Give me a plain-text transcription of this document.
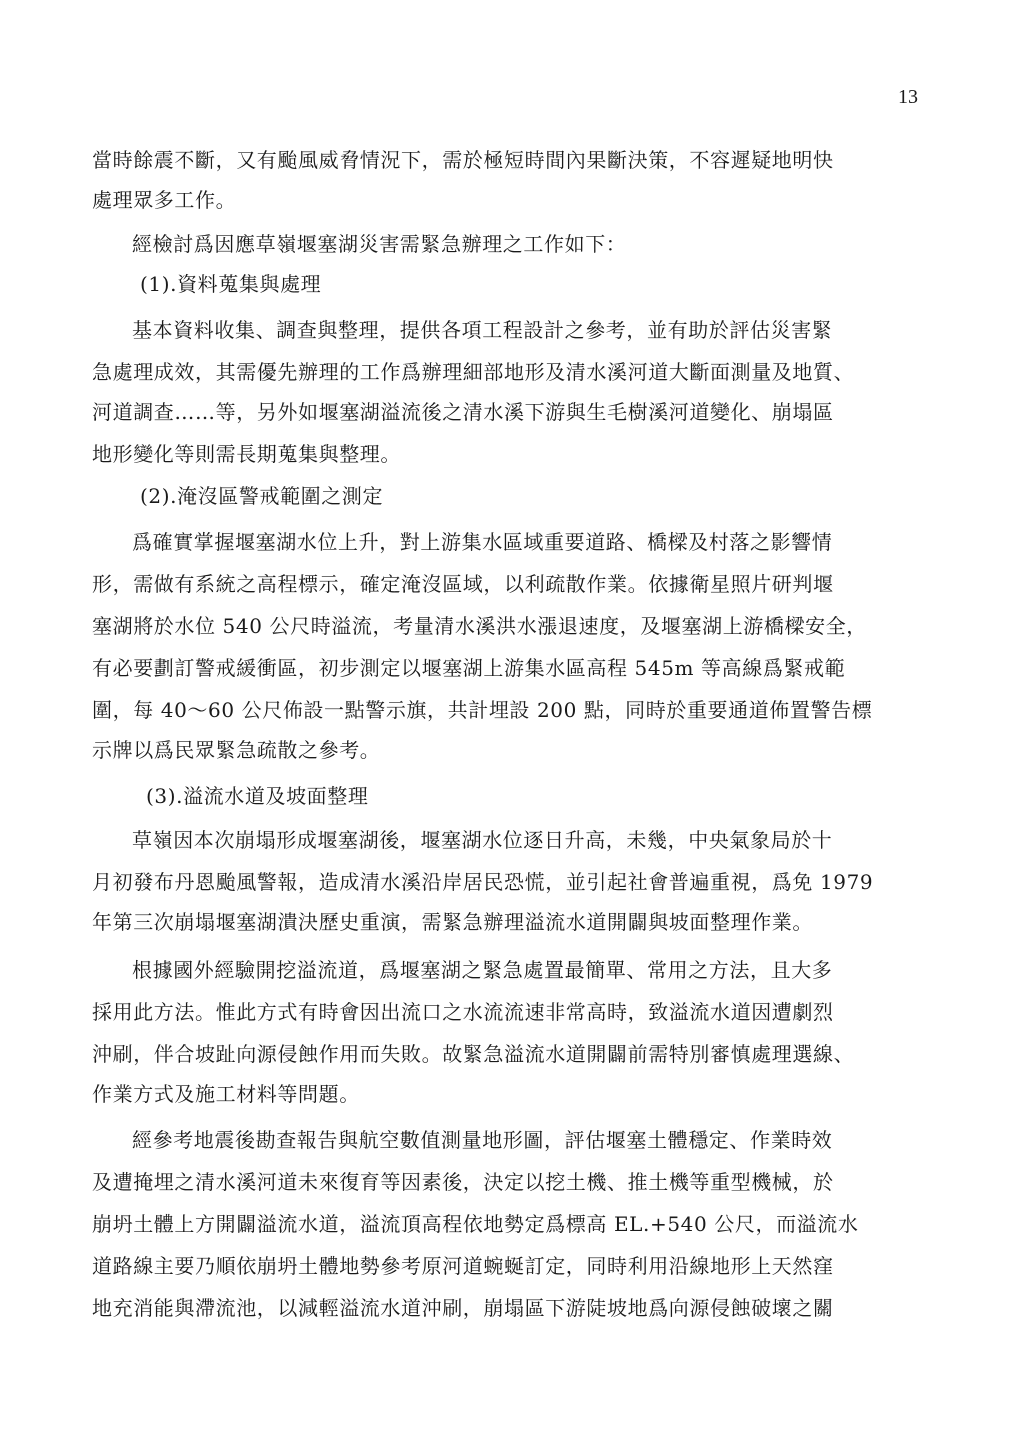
13
當時餘震不斷，又有颱風威脅情況下，需於極短時間內果斷決策，不容遲疑地明快
處理眾多工作。
經檢討爲因應草嶺堰塞湖災害需緊急辦理之工作如下：
(1).資料蒐集與處理
基本資料收集、調查與整理，提供各項工程設計之參考，並有助於評估災害緊
急處理成效，其需優先辦理的工作爲辦理細部地形及清水溪河道大斷面測量及地質、
河道調查……等，另外如堰塞湖溢流後之清水溪下游與生毛樹溪河道變化、崩塌區
地形變化等則需長期蒐集與整理。
(2).淹沒區警戒範圍之測定
爲確實掌握堰塞湖水位上升，對上游集水區域重要道路、橋樑及村落之影響情
形，需做有系統之高程標示，確定淹沒區域，以利疏散作業。依據衛星照片研判堰
塞湖將於水位 540 公尺時溢流，考量清水溪洪水漲退速度，及堰塞湖上游橋樑安全，
有必要劃訂警戒緩衝區，初步測定以堰塞湖上游集水區高程 545m 等高線爲緊戒範
圍，每 40～60 公尺佈設一點警示旗，共計埋設 200 點，同時於重要通道佈置警告標
示牌以爲民眾緊急疏散之參考。
(3).溢流水道及坡面整理
草嶺因本次崩塌形成堰塞湖後，堰塞湖水位逐日升高，未幾，中央氣象局於十
月初發布丹恩颱風警報，造成清水溪沿岸居民恐慌，並引起社會普遍重視，爲免 1979
年第三次崩塌堰塞湖潰決歷史重演，需緊急辦理溢流水道開闢與坡面整理作業。
根據國外經驗開挖溢流道，爲堰塞湖之緊急處置最簡單、常用之方法，且大多
採用此方法。惟此方式有時會因出流口之水流流速非常高時，致溢流水道因遭劇烈
沖刷，伴合坡趾向源侵蝕作用而失敗。故緊急溢流水道開闢前需特別審慎處理選線、
作業方式及施工材料等問題。
經參考地震後勘查報告與航空數值測量地形圖，評估堰塞土體穩定、作業時效
及遭掩埋之清水溪河道未來復育等因素後，決定以挖土機、推土機等重型機械，於
崩坍土體上方開闢溢流水道，溢流頂高程依地勢定爲標高 EL.+540 公尺，而溢流水
道路線主要乃順依崩坍土體地勢參考原河道蜿蜒訂定，同時利用沿線地形上天然窪
地充消能與滯流池，以減輕溢流水道沖刷，崩塌區下游陡坡地爲向源侵蝕破壞之關
